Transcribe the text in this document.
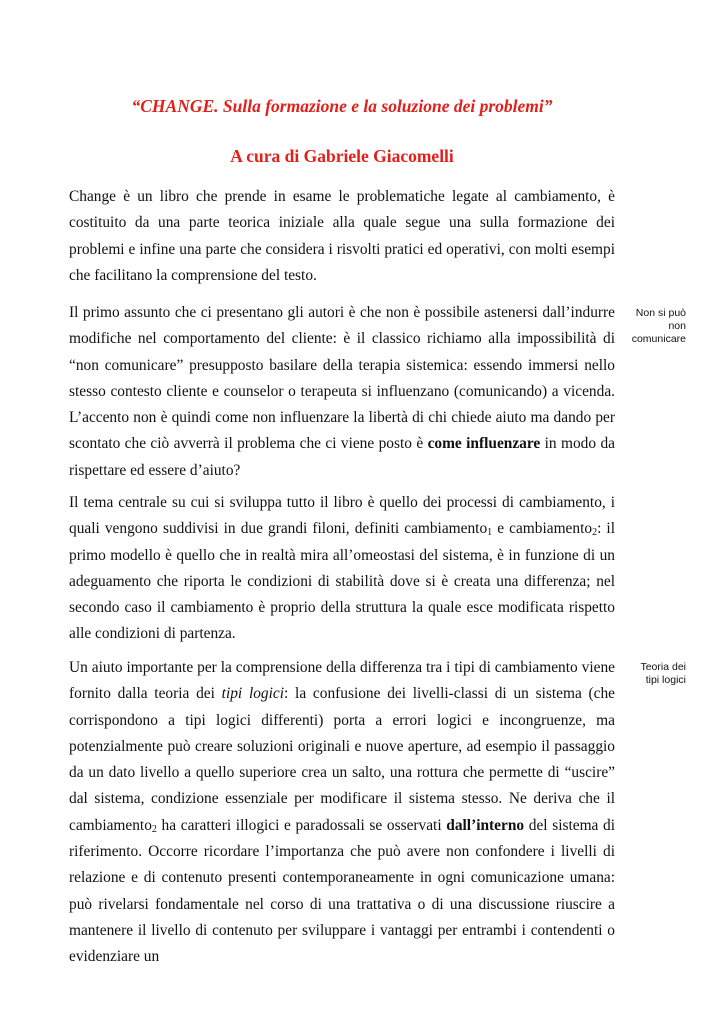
“CHANGE. Sulla formazione e la soluzione dei problemi”
A cura di Gabriele Giacomelli

Change è un libro che prende in esame le problematiche legate al cambiamento, è costituito da una parte teorica iniziale alla quale segue una sulla formazione dei problemi e infine una parte che considera i risvolti pratici ed operativi, con molti esempi che facilitano la comprensione del testo.

Il primo assunto che ci presentano gli autori è che non è possibile astenersi dall’indurre modifiche nel comportamento del cliente: è il classico richiamo alla impossibilità di “non comunicare” presupposto basilare della terapia sistemica: essendo immersi nello stesso contesto cliente e counselor o terapeuta si influenzano (comunicando) a vicenda. L’accento non è quindi come non influenzare la libertà di chi chiede aiuto ma dando per scontato che ciò avverrà il problema che ci viene posto è come influenzare in modo da rispettare ed essere d’aiuto?

Il tema centrale su cui si sviluppa tutto il libro è quello dei processi di cambiamento, i quali vengono suddivisi in due grandi filoni, definiti cambiamento$_1$ e cambiamento$_2$: il primo modello è quello che in realtà mira all’omeostasi del sistema, è in funzione di un adeguamento che riporta le condizioni di stabilità dove si è creata una differenza; nel secondo caso il cambiamento è proprio della struttura la quale esce modificata rispetto alle condizioni di partenza.

Un aiuto importante per la comprensione della differenza tra i tipi di cambiamento viene fornito dalla teoria dei tipi logici: la confusione dei livelli-classi di un sistema (che corrispondono a tipi logici differenti) porta a errori logici e incongruenze, ma potenzialmente può creare soluzioni originali e nuove aperture, ad esempio il passaggio da un dato livello a quello superiore crea un salto, una rottura che permette di “uscire” dal sistema, condizione essenziale per modificare il sistema stesso. Ne deriva che il cambiamento$_2$ ha caratteri illogici e paradossali se osservati dall’interno del sistema di riferimento. Occorre ricordare l’importanza che può avere non confondere i livelli di relazione e di contenuto presenti contemporaneamente in ogni comunicazione umana: può rivelarsi fondamentale nel corso di una trattativa o di una discussione riuscire a mantenere il livello di contenuto per sviluppare i vantaggi per entrambi i contendenti o evidenziare un

Non si può
non
comunicare
Teoria dei
tipi logici
